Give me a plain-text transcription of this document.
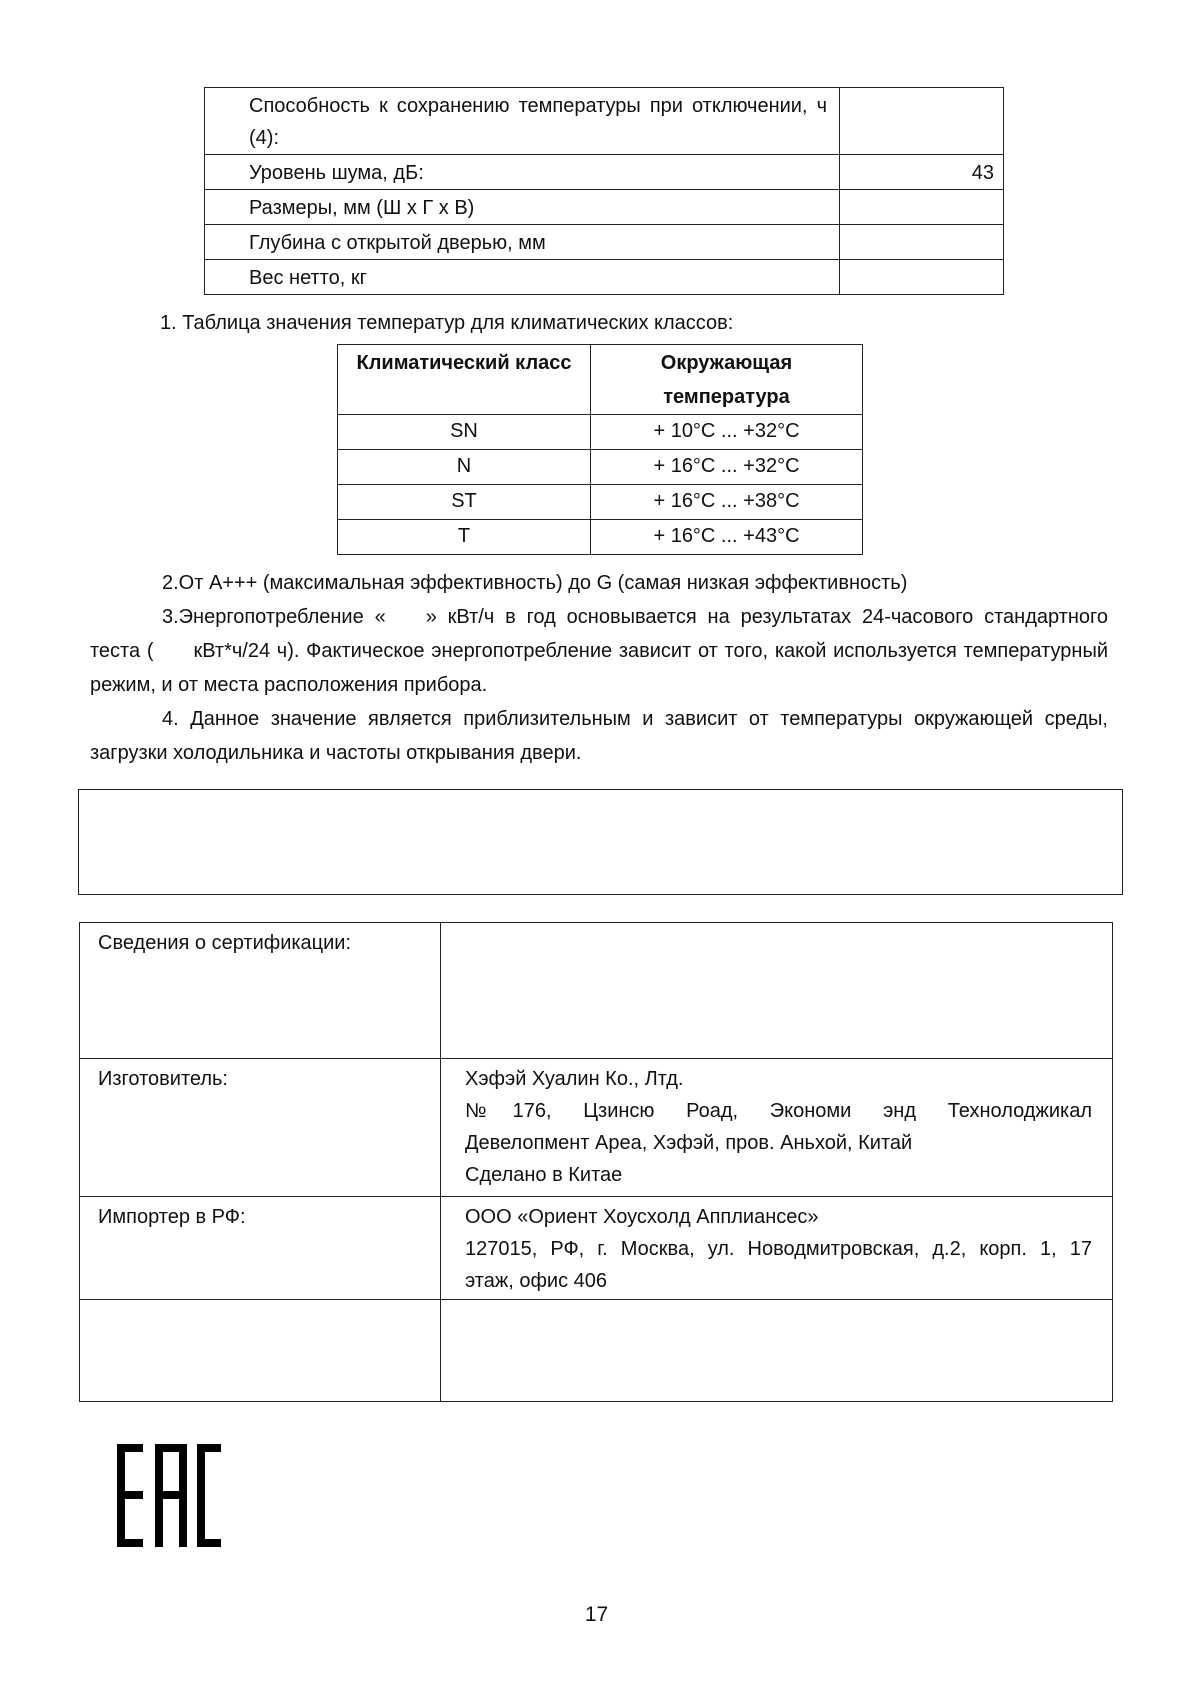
Способность к сохранению температуры при отключении, ч (4):	
Уровень шума, дБ:	43
Размеры, мм (Ш х Г х В)	
Глубина с открытой дверью, мм	
Вес нетто, кг	
1. Таблица значения температур для климатических классов:
Климатический класс	Окружающая температура
SN	+ 10°С ... +32°С
N	+ 16°С ... +32°С
ST	+ 16°С ... +38°С
T	+ 16°С ... +43°С
2.От А+++ (максимальная эффективность) до G (самая низкая эффективность)
3.Энергопотребление « » кВт/ч в год основывается на результатах 24-часового стандартного теста ( кВт*ч/24 ч). Фактическое энергопотребление зависит от того, какой используется температурный режим, и от места расположения прибора.
4. Данное значение является приблизительным и зависит от температуры окружающей среды, загрузки холодильника и частоты открывания двери.
Сведения о сертификации:	
Изготовитель:	Хэфэй Хуалин Ко., Лтд.
№176, Цзинсю Роад, Экономи энд Технолоджикал
Девелопмент Ареа, Хэфэй, пров. Аньхой, Китай
Сделано в Китае

Импортер в РФ:	ООО «Ориент Хоусхолд Апплиансес»
127015, РФ, г. Москва, ул. Новодмитровская, д.2, корп. 1, 17
этаж, офис 406

17
